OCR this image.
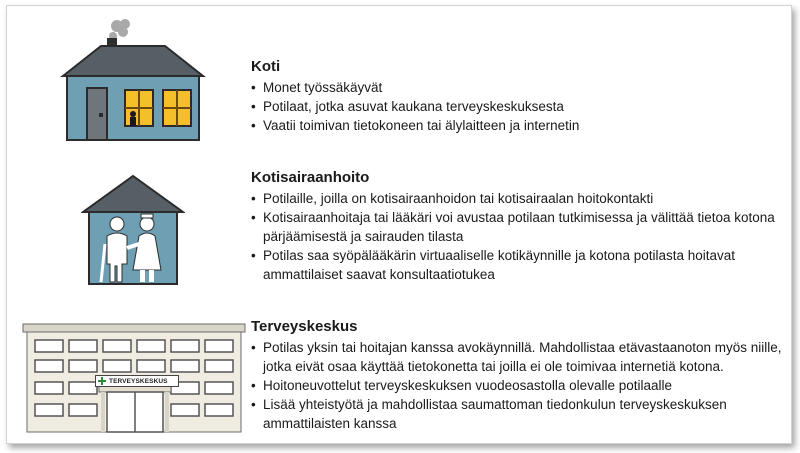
Koti
• Monet työssäkäyvät
• Potilaat, jotka asuvat kaukana terveyskeskuksesta
• Vaatii toimivan tietokoneen tai älylaitteen ja internetin
Kotisairaanhoito
• Potilaille, joilla on kotisairaanhoidon tai kotisairaalan hoitokontakti
• Kotisairaanhoitaja tai lääkäri voi avustaa potilaan tutkimisessa ja välittää tietoa kotona pärjäämisestä ja sairauden tilasta
• Potilas saa syöpälääkärin virtuaaliselle kotikäynnille ja kotona potilasta hoitavat ammattilaiset saavat konsultaatiotukea
TERVEYSKESKUS
Terveyskeskus
• Potilas yksin tai hoitajan kanssa avokäynnillä. Mahdollistaa etävastaanoton myös niille, jotka eivät osaa käyttää tietokonetta tai joilla ei ole toimivaa internetiä kotona.
• Hoitoneuvottelut terveyskeskuksen vuodeosastolla olevalle potilaalle
• Lisää yhteistyötä ja mahdollistaa saumattoman tiedonkulun terveyskeskuksen ammattilaisten kanssa
